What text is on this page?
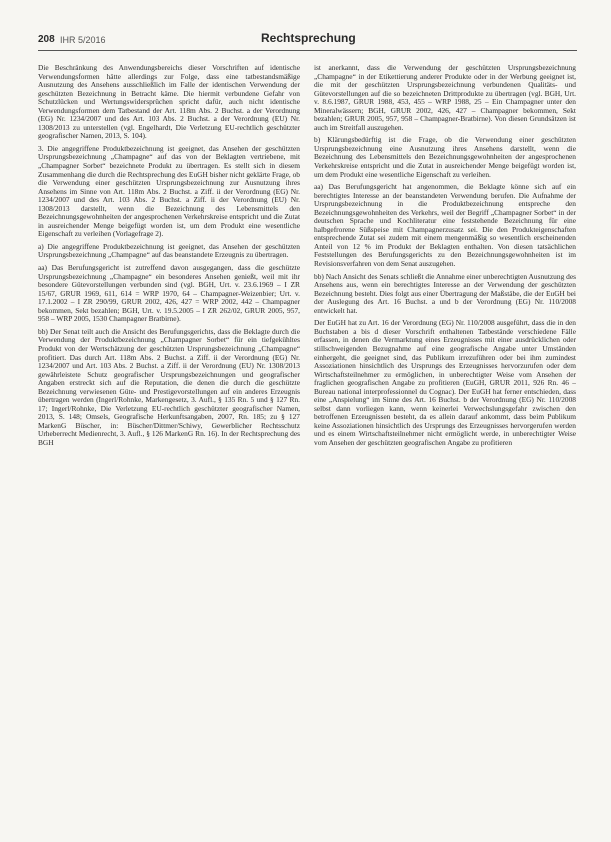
208 IHR 5/2016	Rechtsprechung

Die Beschränkung des Anwendungsbereichs dieser Vorschriften auf identische Verwendungsformen hätte allerdings zur Folge, dass eine tatbestandsmäßige Ausnutzung des Ansehens ausschließlich im Falle der identischen Verwendung der geschützten Bezeichnung in Betracht käme. Die hiermit verbundene Gefahr von Schutzlücken und Wertungswidersprüchen spricht dafür, auch nicht identische Verwendungsformen dem Tatbestand der Art. 118m Abs. 2 Buchst. a der Verordnung (EG) Nr. 1234/2007 und des Art. 103 Abs. 2 Buchst. a der Verordnung (EU) Nr. 1308/2013 zu unterstellen (vgl. Engelhardt, Die Verletzung EU-rechtlich geschützter geografischer Namen, 2013, S. 104).

3. Die angegriffene Produktbezeichnung ist geeignet, das Ansehen der geschützten Ursprungsbezeichnung „Champagne“ auf das von der Beklagten vertriebene, mit „Champagner Sorbet“ bezeichnete Produkt zu übertragen. Es stellt sich in diesem Zusammenhang die durch die Rechtsprechung des EuGH bisher nicht geklärte Frage, ob die Verwendung einer geschützten Ursprungsbezeichnung zur Ausnutzung ihres Ansehens im Sinne von Art. 118m Abs. 2 Buchst. a Ziff. ii der Verordnung (EG) Nr. 1234/2007 und des Art. 103 Abs. 2 Buchst. a Ziff. ii der Verordnung (EU) Nr. 1308/2013 darstellt, wenn die Bezeichnung des Lebensmittels den Bezeichnungsgewohnheiten der angesprochenen Verkehrskreise entspricht und die Zutat in ausreichender Menge beigefügt worden ist, um dem Produkt eine wesentliche Eigenschaft zu verleihen (Vorlagefrage 2).

a) Die angegriffene Produktbezeichnung ist geeignet, das Ansehen der geschützten Ursprungsbezeichnung „Champagne“ auf das beanstandete Erzeugnis zu übertragen.

aa) Das Berufungsgericht ist zutreffend davon ausgegangen, dass die geschützte Ursprungsbezeichnung „Champagne“ ein besonderes Ansehen genießt, weil mit ihr besondere Gütevorstellungen verbunden sind (vgl. BGH, Urt. v. 23.6.1969 – I ZR 15/67, GRUR 1969, 611, 614 = WRP 1970, 64 – Champagner-Weizenbier; Urt. v. 17.1.2002 – I ZR 290/99, GRUR 2002, 426, 427 = WRP 2002, 442 – Champagner bekommen, Sekt bezahlen; BGH, Urt. v. 19.5.2005 – I ZR 262/02, GRUR 2005, 957, 958 – WRP 2005, 1530 Champagner Bratbirne).

bb) Der Senat teilt auch die Ansicht des Berufungsgerichts, dass die Beklagte durch die Verwendung der Produktbezeichnung „Champagner Sorbet“ für ein tiefgekühltes Produkt von der Wertschätzung der geschützten Ursprungsbezeichnung „Champagne“ profitiert. Das durch Art. 118m Abs. 2 Buchst. a Ziff. ii der Verordnung (EG) Nr. 1234/2007 und Art. 103 Abs. 2 Buchst. a Ziff. ii der Verordnung (EU) Nr. 1308/2013 gewährleistete Schutz geografischer Ursprungsbezeichnungen und geografischer Angaben erstreckt sich auf die Reputation, die denen die durch die geschützte Bezeichnung verwiesenen Güte- und Prestigevorstellungen auf ein anderes Erzeugnis übertragen werden (Ingerl/Rohnke, Markengesetz, 3. Aufl., § 135 Rn. 5 und § 127 Rn. 17; Ingerl/Rohnke, Die Verletzung EU-rechtlich geschützter geografischer Namen, 2013, S. 148; Omsels, Geografische Herkunftsangaben, 2007, Rn. 185; zu § 127 MarkenG Büscher, in: Büscher/Dittmer/Schiwy, Gewerblicher Rechtsschutz Urheberrecht Medienrecht, 3. Aufl., § 126 MarkenG Rn. 16). In der Rechtsprechung des BGH

ist anerkannt, dass die Verwendung der geschützten Ursprungsbezeichnung „Champagne“ in der Etikettierung anderer Produkte oder in der Werbung geeignet ist, die mit der geschützten Ursprungsbezeichnung verbundenen Qualitäts- und Gütevorstellungen auf die so bezeichneten Drittprodukte zu übertragen (vgl. BGH, Urt. v. 8.6.1987, GRUR 1988, 453, 455 – WRP 1988, 25 – Ein Champagner unter den Mineralwässern; BGH, GRUR 2002, 426, 427 – Champagner bekommen, Sekt bezahlen; GRUR 2005, 957, 958 – Champagner-Bratbirne). Von diesen Grundsätzen ist auch im Streitfall auszugehen.

b) Klärungsbedürftig ist die Frage, ob die Verwendung einer geschützten Ursprungsbezeichnung eine Ausnutzung ihres Ansehens darstellt, wenn die Bezeichnung des Lebensmittels den Bezeichnungsgewohnheiten der angesprochenen Verkehrskreise entspricht und die Zutat in ausreichender Menge beigefügt worden ist, um dem Produkt eine wesentliche Eigenschaft zu verleihen.

aa) Das Berufungsgericht hat angenommen, die Beklagte könne sich auf ein berechtigtes Interesse an der beanstandeten Verwendung berufen. Die Aufnahme der Ursprungsbezeichnung in die Produktbezeichnung entspreche den Bezeichnungsgewohnheiten des Verkehrs, weil der Begriff „Champagner Sorbet“ in der deutschen Sprache und Kochliteratur eine feststehende Bezeichnung für eine halbgefrorene Süßspeise mit Champagnerzusatz sei. Die den Produkteigenschaften entsprechende Zutat sei zudem mit einem mengenmäßig so wesentlich erscheinenden Anteil von 12 % im Produkt der Beklagten enthalten. Von diesen tatsächlichen Feststellungen des Berufungsgerichts zu den Bezeichnungsgewohnheiten ist im Revisionsverfahren von dem Senat auszugehen.

bb) Nach Ansicht des Senats schließt die Annahme einer unberechtigten Ausnutzung des Ansehens aus, wenn ein berechtigtes Interesse an der Verwendung der geschützten Bezeichnung besteht. Dies folgt aus einer Übertragung der Maßstäbe, die der EuGH bei der Auslegung des Art. 16 Buchst. a und b der Verordnung (EG) Nr. 110/2008 entwickelt hat.

Der EuGH hat zu Art. 16 der Verordnung (EG) Nr. 110/2008 ausgeführt, dass die in den Buchstaben a bis d dieser Vorschrift enthaltenen Tatbestände verschiedene Fälle erfassen, in denen die Vermarktung eines Erzeugnisses mit einer ausdrücklichen oder stillschweigenden Bezugnahme auf eine geografische Angabe unter Umständen einhergeht, die geeignet sind, das Publikum irrezuführen oder bei ihm zumindest Assoziationen hinsichtlich des Ursprungs des Erzeugnisses hervorzurufen oder dem Wirtschaftsteilnehmer zu ermöglichen, in unberechtigter Weise vom Ansehen der fraglichen geografischen Angabe zu profitieren (EuGH, GRUR 2011, 926 Rn. 46 – Bureau national interprofessionnel du Cognac). Der EuGH hat ferner entschieden, dass eine „Anspielung“ im Sinne des Art. 16 Buchst. b der Verordnung (EG) Nr. 110/2008 selbst dann vorliegen kann, wenn keinerlei Verwechslungsgefahr zwischen den betroffenen Erzeugnissen besteht, da es allein darauf ankommt, dass beim Publikum keine Assoziationen hinsichtlich des Ursprungs des Erzeugnisses hervorgerufen werden und es einem Wirtschaftsteilnehmer nicht ermöglicht werde, in unberechtigter Weise vom Ansehen der geschützten geografischen Angabe zu profitieren
